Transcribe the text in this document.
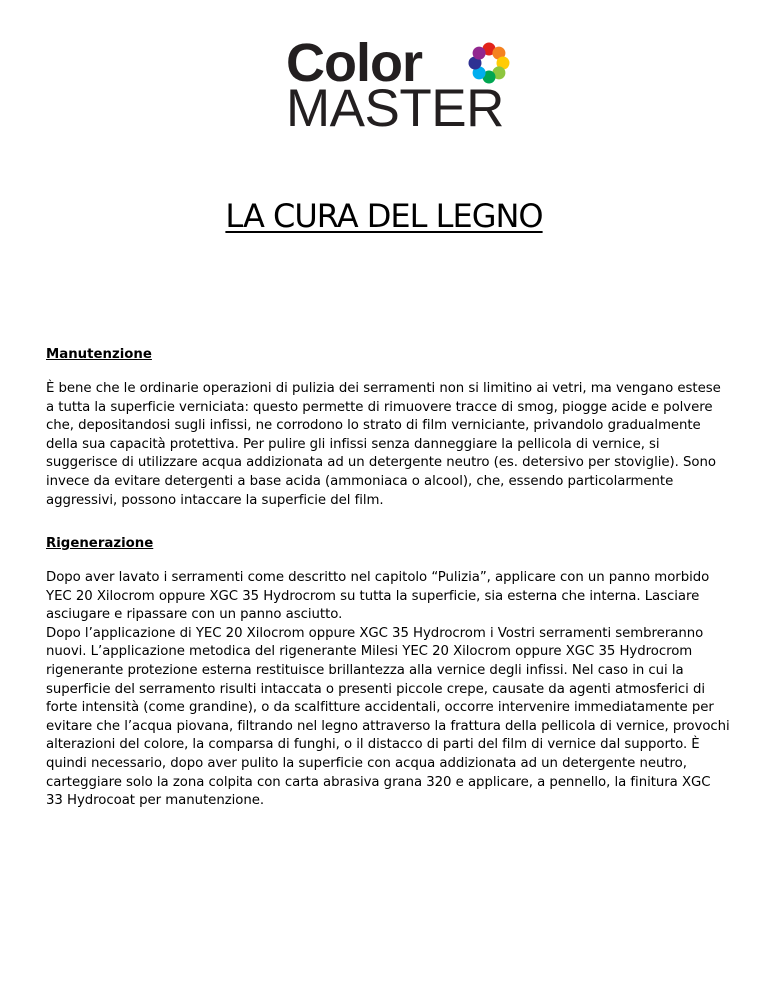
Color
MASTER
LA CURA DEL LEGNO
Manutenzione

È bene che le ordinarie operazioni di pulizia dei serramenti non si limitino ai vetri, ma vengano estese a tutta la superficie verniciata: questo permette di rimuovere tracce di smog, piogge acide e polvere che, depositandosi sugli infissi, ne corrodono lo strato di film verniciante, privandolo gradualmente della sua capacità protettiva. Per pulire gli infissi senza danneggiare la pellicola di vernice, si suggerisce di utilizzare acqua addizionata ad un detergente neutro (es. detersivo per stoviglie). Sono invece da evitare detergenti a base acida (ammoniaca o alcool), che, essendo particolarmente aggressivi, possono intaccare la superficie del film.

Rigenerazione

Dopo aver lavato i serramenti come descritto nel capitolo “Pulizia”, applicare con un panno morbido YEC 20 Xilocrom oppure XGC 35 Hydrocrom su tutta la superficie, sia esterna che interna. Lasciare asciugare e ripassare con un panno asciutto.

Dopo l’applicazione di YEC 20 Xilocrom oppure XGC 35 Hydrocrom i Vostri serramenti sembreranno nuovi. L’applicazione metodica del rigenerante Milesi YEC 20 Xilocrom oppure XGC 35 Hydrocrom rigenerante protezione esterna restituisce brillantezza alla vernice degli infissi. Nel caso in cui la superficie del serramento risulti intaccata o presenti piccole crepe, causate da agenti atmosferici di forte intensità (come grandine), o da scalfitture accidentali, occorre intervenire immediatamente per evitare che l’acqua piovana, filtrando nel legno attraverso la frattura della pellicola di vernice, provochi alterazioni del colore, la comparsa di funghi, o il distacco di parti del film di vernice dal supporto. È quindi necessario, dopo aver pulito la superficie con acqua addizionata ad un detergente neutro, carteggiare solo la zona colpita con carta abrasiva grana 320 e applicare, a pennello, la finitura XGC 33 Hydrocoat per manutenzione.
